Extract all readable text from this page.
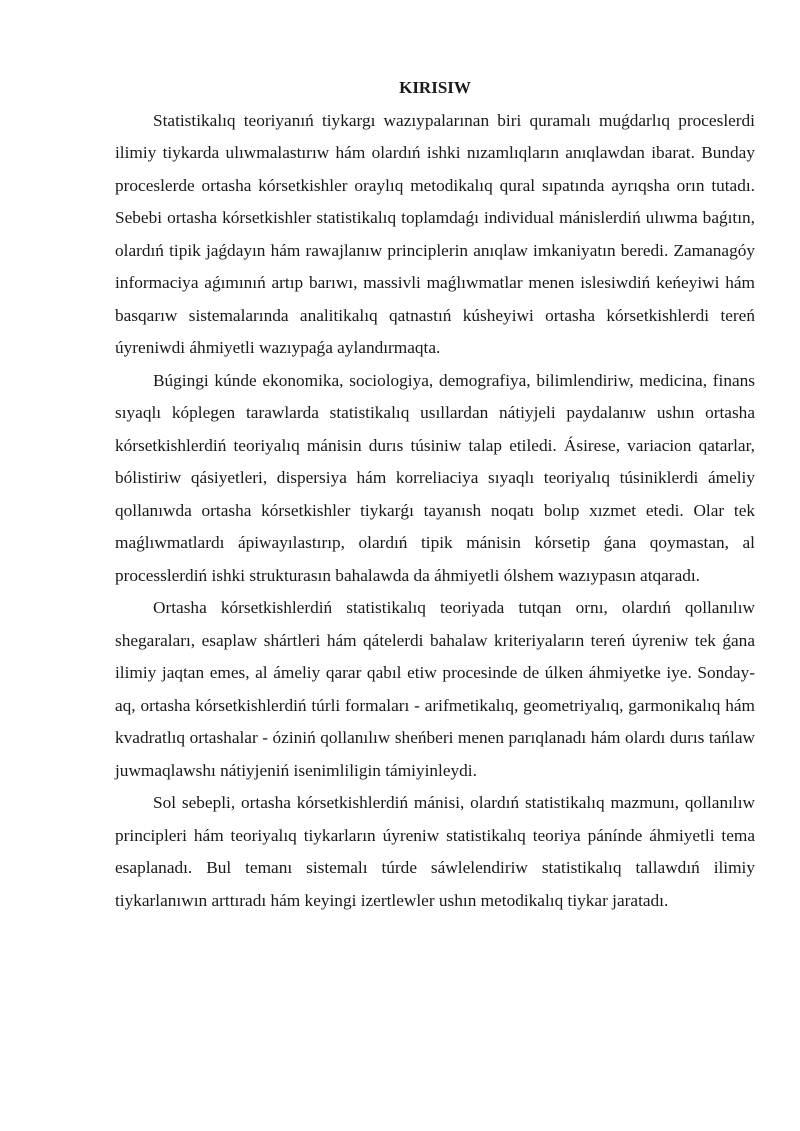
KIRISIW

Statistikalıq teoriyanıń tiykargı wazıypalarınan biri quramalı muǵdarlıq proceslerdi ilimiy tiykarda ulıwmalastırıw hám olardıń ishki nızamlıqların anıqlawdan ibarat. Bunday proceslerde ortasha kórsetkishler oraylıq metodikalıq qural sıpatında ayrıqsha orın tutadı. Sebebi ortasha kórsetkishler statistikalıq toplamdaǵı individual mánislerdiń ulıwma baǵıtın, olardıń tipik jaǵdayın hám rawajlanıw principlerin anıqlaw imkaniyatın beredi. Zamanagóy informaciya aǵımınıń artıp barıwı, massivli maǵlıwmatlar menen islesiwdiń keńeyiwi hám basqarıw sistemalarında analitikalıq qatnastıń kúsheyiwi ortasha kórsetkishlerdi tereń úyreniwdi áhmiyetli wazıypaǵa aylandırmaqta.

Búgingi kúnde ekonomika, sociologiya, demografiya, bilimlendiriw, medicina, finans sıyaqlı kóplegen tarawlarda statistikalıq usıllardan nátiyjeli paydalanıw ushın ortasha kórsetkishlerdiń teoriyalıq mánisin durıs túsiniw talap etiledi. Ásirese, variacion qatarlar, bólistiriw qásiyetleri, dispersiya hám korreliaciya sıyaqlı teoriyalıq túsiniklerdi ámeliy qollanıwda ortasha kórsetkishler tiykarǵı tayanısh noqatı bolıp xızmet etedi. Olar tek maǵlıwmatlardı ápiwayılastırıp, olardıń tipik mánisin kórsetip ǵana qoymastan, al processlerdiń ishki strukturasın bahalawda da áhmiyetli ólshem wazıypasın atqaradı.

Ortasha kórsetkishlerdiń statistikalıq teoriyada tutqan ornı, olardıń qollanılıw shegaraları, esaplaw shártleri hám qátelerdi bahalaw kriteriyaların tereń úyreniw tek ǵana ilimiy jaqtan emes, al ámeliy qarar qabıl etiw procesinde de úlken áhmiyetke iye. Sonday-aq, ortasha kórsetkishlerdiń túrli formaları - arifmetikalıq, geometriyalıq, garmonikalıq hám kvadratlıq ortashalar - óziniń qollanılıw sheńberi menen parıqlanadı hám olardı durıs tańlaw juwmaqlawshı nátiyjeniń isenimliligin támiyinleydi.

Sol sebepli, ortasha kórsetkishlerdiń mánisi, olardıń statistikalıq mazmunı, qollanılıw principleri hám teoriyalıq tiykarların úyreniw statistikalıq teoriya pánínde áhmiyetli tema esaplanadı. Bul temanı sistemalı túrde sáwlelendiriw statistikalıq tallawdıń ilimiy tiykarlanıwın arttıradı hám keyingi izertlewler ushın metodikalıq tiykar jaratadı.
